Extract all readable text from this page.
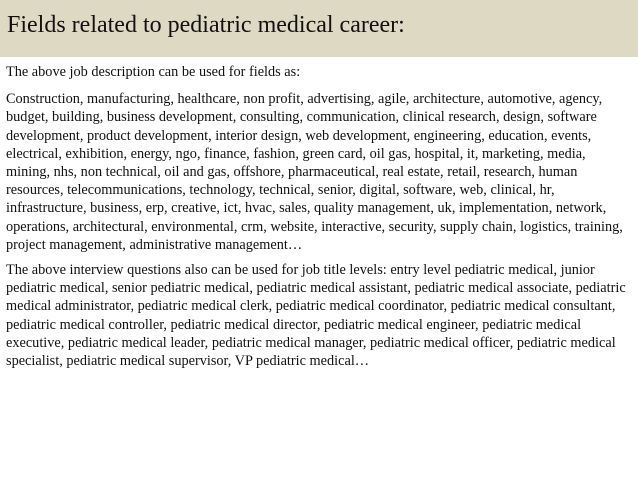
Fields related to pediatric medical career:

The above job description can be used for fields as:

Construction, manufacturing, healthcare, non profit, advertising, agile, architecture, automotive, agency, budget, building, business development, consulting, communication, clinical research, design, software development, product development, interior design, web development, engineering, education, events, electrical, exhibition, energy, ngo, finance, fashion, green card, oil gas, hospital, it, marketing, media, mining, nhs, non technical, oil and gas, offshore, pharmaceutical, real estate, retail, research, human resources, telecommunications, technology, technical, senior, digital, software, web, clinical, hr, infrastructure, business, erp, creative, ict, hvac, sales, quality management, uk, implementation, network, operations, architectural, environmental, crm, website, interactive, security, supply chain, logistics, training, project management, administrative management…

The above interview questions also can be used for job title levels: entry level pediatric medical, junior pediatric medical, senior pediatric medical, pediatric medical assistant, pediatric medical associate, pediatric medical administrator, pediatric medical clerk, pediatric medical coordinator, pediatric medical consultant, pediatric medical controller, pediatric medical director, pediatric medical engineer, pediatric medical executive, pediatric medical leader, pediatric medical manager, pediatric medical officer, pediatric medical specialist, pediatric medical supervisor, VP pediatric medical…
